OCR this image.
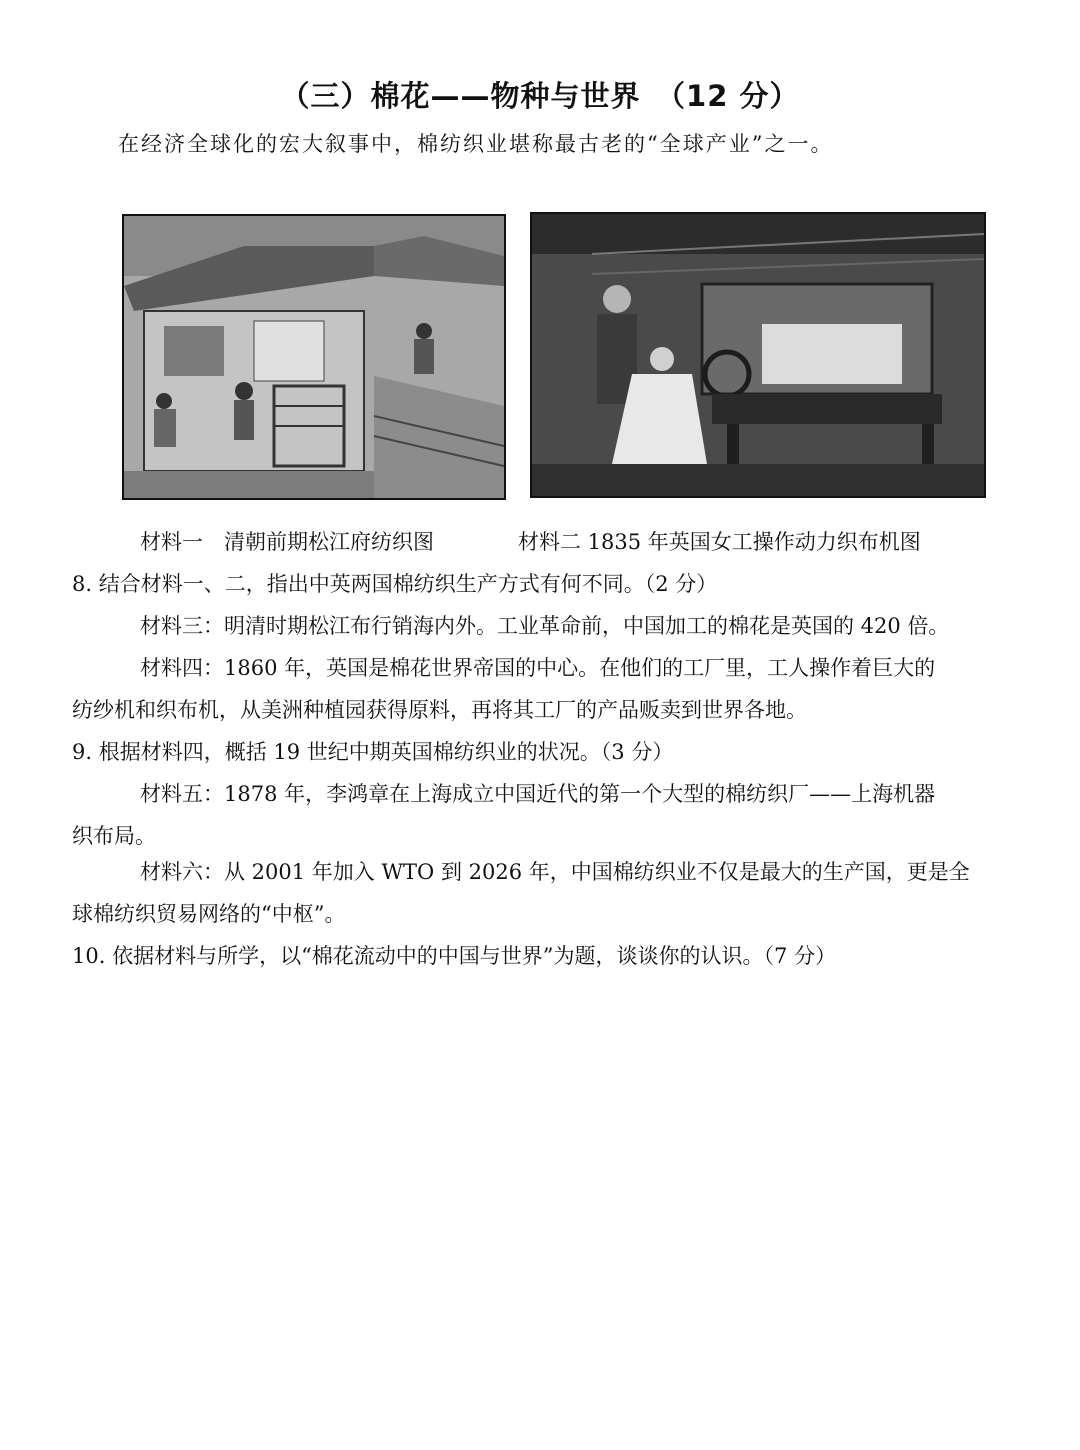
（三）棉花——物种与世界　（12 分）

在经济全球化的宏大叙事中，棉纺织业堪称最古老的“全球产业”之一。

材料一　清朝前期松江府纺织图	材料二 1835 年英国女工操作动力织布机图

8. 结合材料一、二，指出中英两国棉纺织生产方式有何不同。（2 分）

材料三：明清时期松江布行销海内外。工业革命前，中国加工的棉花是英国的 420 倍。

材料四：1860 年，英国是棉花世界帝国的中心。在他们的工厂里，工人操作着巨大的

纺纱机和织布机，从美洲种植园获得原料，再将其工厂的产品贩卖到世界各地。

9. 根据材料四，概括 19 世纪中期英国棉纺织业的状况。（3 分）

材料五：1878 年，李鸿章在上海成立中国近代的第一个大型的棉纺织厂——上海机器

织布局。

材料六：从 2001 年加入 WTO 到 2026 年，中国棉纺织业不仅是最大的生产国，更是全

球棉纺织贸易网络的“中枢”。

10. 依据材料与所学，以“棉花流动中的中国与世界”为题，谈谈你的认识。（7 分）
